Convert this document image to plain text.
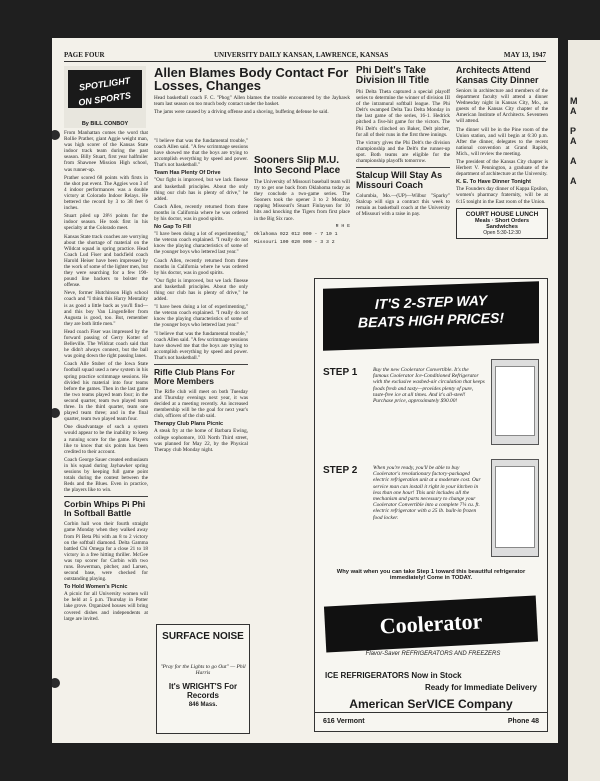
M
A

P
A

A

A
PAGE FOUR	UNIVERSITY DAILY KANSAN, LAWRENCE, KANSAS	MAY 13, 1947
SPOTLIGHT
ON SPORTS
By BILL CONBOY

From Manhattan comes the word that Rollie Prather, giant Aggie weight man, was high scorer of the Kansas State indoor track team during the past season. Billy Stuart, first year halfmiler from Shawnee Mission High school, was runner-up.

Prather scored 68 points with firsts in the shot put event. The Aggies won 3 of 4 indoor performances was a double victory at Colorado Indoor Relays. He bettered the record by 3 to 38 feet 6 inches.

Stuart piled up 28½ points for the indoor season. He took first in his specialty at the Colorado meet.

Kansas State track coaches are worrying about the shortage of material on the Wildcat squad in spring practice. Head Coach Lud Fiser and backfield coach Harold Heiser have been impressed by the work of some of the lighter men, but they were searching for a few 190-pound line backers to bolster the offense.

Neve, former Hutchinson High school coach and "I think this Harry Mentality is as good a little back as you'll find—and this boy Van Lingenfeller from Augusta is good, too. But, remember they are both little men."

Head coach Fiser was impressed by the forward passing of Gerry Kotter of Belleville. The Wildcat coach said that he didn't always connect, but the ball was going down the right passing lanes.

Coach Alle Stuber of the Iowa State football squad used a new system in his spring practice scrimmage sessions. He divided his material into four teams before the games. Then in the last game the two teams played team four; in the second quarter, team two played team three. In the third quarter, team one played team three; and in the final quarter, team two played team four.

One disadvantage of such a system would appear to be the inability to keep a running score for the game. Players like to know that six points has been credited to their account.

Coach George Sauer created enthusiasm in his squad during Jayhawker spring sessions by keeping full game point totals during the contest between the Reds and the Blues. Even in practice, the players like to win.

Corbin Whips Pi Phi In Softball Battle

Corbin hall won their fourth straight game Monday when they walked away from Pi Beta Phi with an 8 to 2 victory on the softball diamond. Delta Gamma battled Chi Omega for a close 21 to 18 victory in a free hitting thriller. McGee was top scorer for Corbin with two runs. Bowerman, pitcher, and Larsen, second base, were checked for outstanding playing.

To Hold Women's Picnic

A picnic for all University women will be held at 5 p.m. Thursday in Potter lake grove. Organized houses will bring covered dishes and independents at large are invited.

Allen Blames Body Contact For Losses, Changes

Head basketball coach F. C. "Phog" Allen blames the trouble encountered by the Jayhawk team last season on too much body contact under the basket.

The jams were caused by a driving offense and a shoving, buffeting defense he said.

"I believe that was the fundamental trouble," coach Allen said. "A few scrimmage sessions have showed me that the boys are trying to accomplish everything by speed and power. That's not basketball."

Team Has Plenty Of Drive

"Our fight is improved, but we lack finesse and basketball principles. About the only thing our club has is plenty of drive," he added.

Coach Allen, recently returned from three months in California where he was ordered by his doctor, was in good spirits.

No Gap To Fill

"I have been doing a lot of experimenting," the veteran coach explained. "I really do not know the playing characteristics of some of the younger boys who lettered last year."

Coach Allen, recently returned from three months in California where he was ordered by his doctor, was in good spirits.

"Our fight is improved, but we lack finesse and basketball principles. About the only thing our club has is plenty of drive," he added.

"I have been doing a lot of experimenting," the veteran coach explained. "I really do not know the playing characteristics of some of the younger boys who lettered last year."

"I believe that was the fundamental trouble," coach Allen said. "A few scrimmage sessions have showed me that the boys are trying to accomplish everything by speed and power. That's not basketball."

Rifle Club Plans For More Members

The Rifle club will meet on both Tuesday and Thursday evenings next year, it was decided at a meeting recently. An increased membership will be the goal for next year's club, officers of the club said.

Therapy Club Plans Picnic

A steak fry at the home of Barbara Ewing, college sophomore, 103 North Third street, was planned for May 22, by the Physical Therapy club Monday night.

SURFACE NOISE
"Pray for the Lights to go Out" — Phil Harris
It's WRIGHT'S For Records
846 Mass.
Sooners Slip M.U. Into Second Place

The University of Missouri baseball team will try to get one back from Oklahoma today as they conclude a two-game series. The Sooners took the opener 3 to 2 Monday, rapping Missouri's Stuart Finlayson for 10 hits and knocking the Tigers from first place in the Big Six race.

R H E
Oklahoma 022 012 000 - 7 10 1
Missouri 100 020 000 - 3 3 2
Phi Delt's Take Division III Title

Phi Delta Theta captured a special playoff series to determine the winner of division III of the intramural softball league. The Phi Delt's swamped Delta Tau Delta Monday in the last game of the series, 16-1. Hedrick pitched a five-hit game for the victors. The Phi Delt's clinched on Baker, Delt pitcher, for all of their runs in the first three innings.

The victory gives the Phi Delt's the division championship and the Delt's the runner-up spot. Both teams are eligible for the championship playoffs tomorrow.

Stalcup Will Stay As Missouri Coach

Columbia, Mo.—(UP)—Wilbur "Sparky" Stalcup will sign a contract this week to remain as basketball coach at the University of Missouri with a raise in pay.

Architects Attend Kansas City Dinner

Seniors in architecture and members of the department faculty will attend a dinner Wednesday night in Kansas City, Mo., as guests of the Kansas City chapter of the American Institute of Architects. Seventeen will attend.

The dinner will be in the Pine room of the Union station, and will begin at 6:30 p.m. After the dinner, delegates to the recent national convention at Grand Rapids, Mich., will review the meeting.

The president of the Kansas City chapter is Herbert V. Pennington, a graduate of the department of architecture at the University.

K. E. To Have Dinner Tonight

The Founders day dinner of Kappa Epsilon, women's pharmacy fraternity, will be at 6:15 tonight in the East room of the Union.

COURT HOUSE LUNCH
Meals · Short Orders
Sandwiches
Open 5:30-12:30
IT'S 2-STEP WAY
BEATS HIGH PRICES!
STEP 1	Buy the new Coolerator Convertible. It's the famous Coolerator Ice-Conditioned Refrigerator with the exclusive washed-air circulation that keeps foods fresh and tasty—provides plenty of pure, taste-free ice at all times. And it's all-steel! Purchase price, approximately $90.00!
STEP 2	When you're ready, you'll be able to buy Coolerator's revolutionary factory-packaged electric refrigeration unit at a moderate cost. Our service man can install it right in your kitchen in less than one hour! This unit includes all the mechanism and parts necessary to change your Coolerator Convertible into a complete 7¼ cu. ft. electric refrigerator with a 25 lb. built-in frozen food locker.
Why wait when you can take Step 1 toward this beautiful refrigerator immediately! Come in TODAY.
Coolerator
Flavor-Saver REFRIGERATORS AND FREEZERS
ICE REFRIGERATORS Now in Stock
Ready for Immediate Delivery
American SerVICE Company
616 Vermont	Phone 48
